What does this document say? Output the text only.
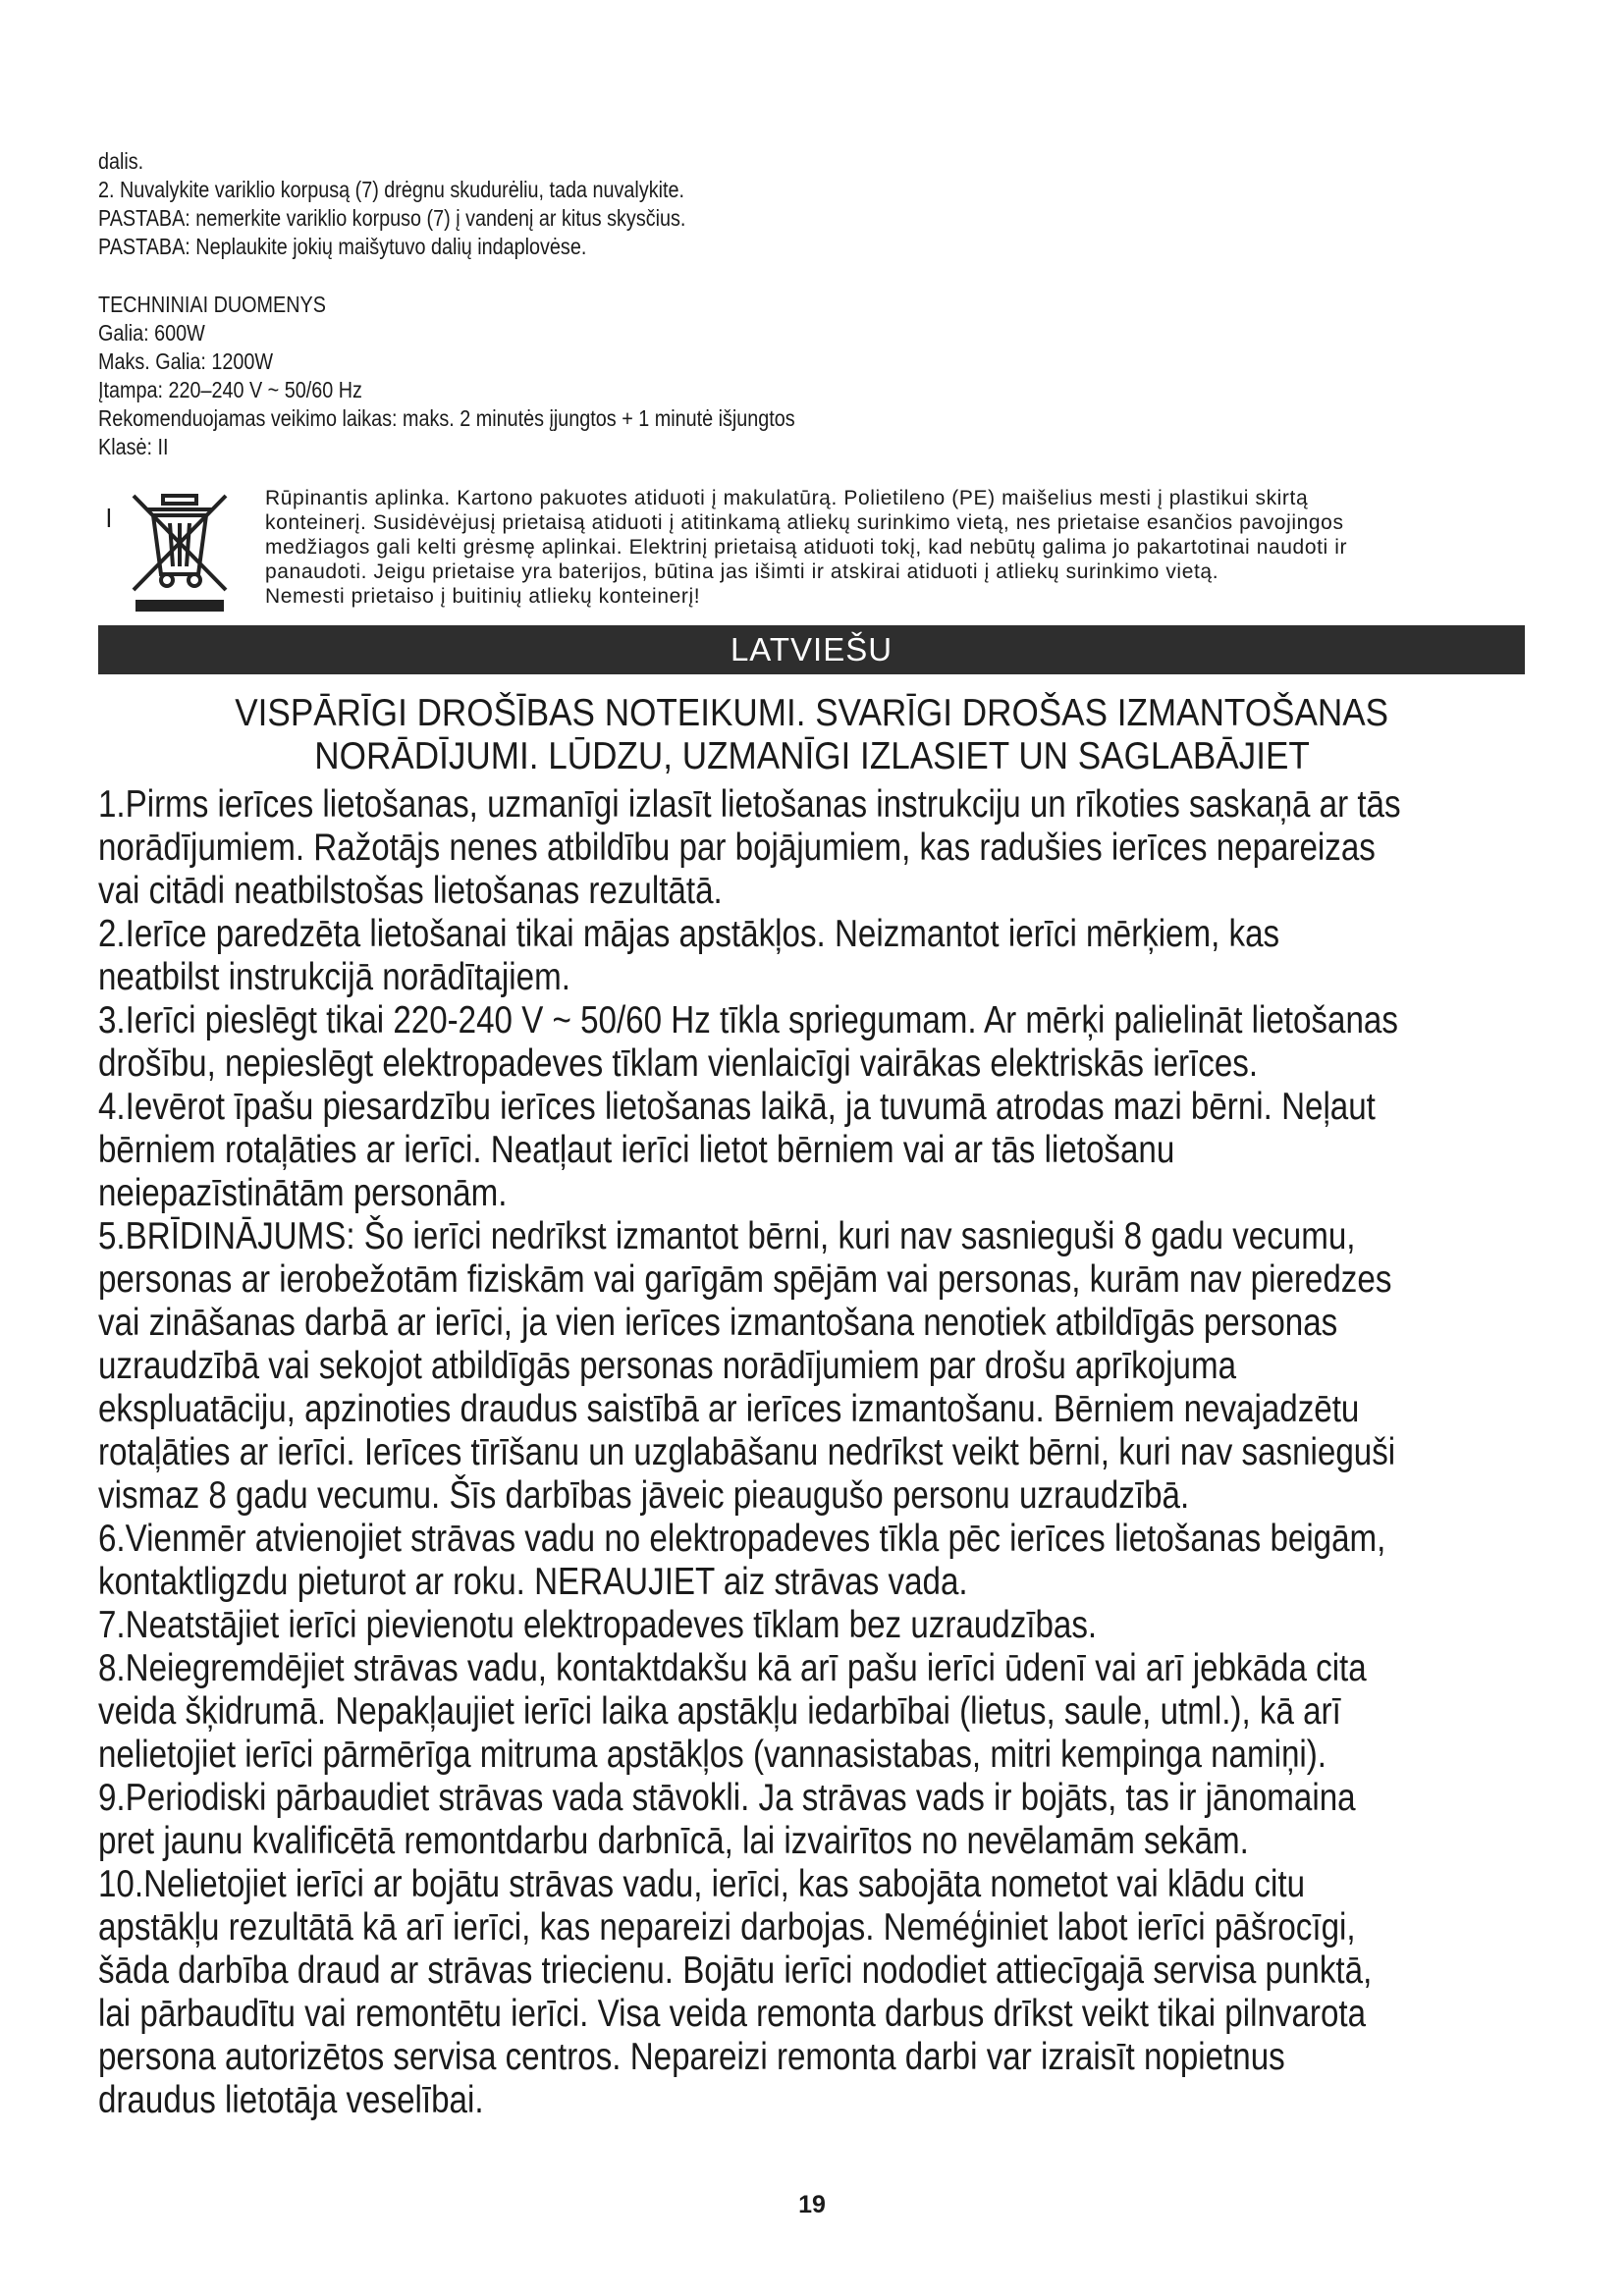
dalis.

2. Nuvalykite variklio korpusą (7) drėgnu skudurėliu, tada nuvalykite.

PASTABA: nemerkite variklio korpuso (7) į vandenį ar kitus skysčius.

PASTABA: Neplaukite jokių maišytuvo dalių indaplovėse.

TECHNINIAI DUOMENYS

Galia: 600W

Maks. Galia: 1200W

Įtampa: 220–240 V ~ 50/60 Hz

Rekomenduojamas veikimo laikas: maks. 2 minutės įjungtos + 1 minutė išjungtos

Klasė: II

l

Rūpinantis aplinka. Kartono pakuotes atiduoti į makulatūrą. Polietileno (PE) maišelius mesti į plastikui skirtą

konteinerį. Susidėvėjusį prietaisą atiduoti į atitinkamą atliekų surinkimo vietą, nes prietaise esančios pavojingos

medžiagos gali kelti grėsmę aplinkai. Elektrinį prietaisą atiduoti tokį, kad nebūtų galima jo pakartotinai naudoti ir

panaudoti. Jeigu prietaise yra baterijos, būtina jas išimti ir atskirai atiduoti į atliekų surinkimo vietą.

Nemesti prietaiso į buitinių atliekų konteinerį!

LATVIEŠU

VISPĀRĪGI DROŠĪBAS NOTEIKUMI. SVARĪGI DROŠAS IZMANTOŠANAS

NORĀDĪJUMI. LŪDZU, UZMANĪGI IZLASIET UN SAGLABĀJIET

1.Pirms ierīces lietošanas, uzmanīgi izlasīt lietošanas instrukciju un rīkoties saskaņā ar tās

norādījumiem. Ražotājs nenes atbildību par bojājumiem, kas radušies ierīces nepareizas

vai citādi neatbilstošas lietošanas rezultātā.

2.Ierīce paredzēta lietošanai tikai mājas apstākļos. Neizmantot ierīci mērķiem, kas

neatbilst instrukcijā norādītajiem.

3.Ierīci pieslēgt tikai 220-240 V ~ 50/60 Hz tīkla spriegumam. Ar mērķi palielināt lietošanas

drošību, nepieslēgt elektropadeves tīklam vienlaicīgi vairākas elektriskās ierīces.

4.Ievērot īpašu piesardzību ierīces lietošanas laikā, ja tuvumā atrodas mazi bērni. Neļaut

bērniem rotaļāties ar ierīci. Neatļaut ierīci lietot bērniem vai ar tās lietošanu

neiepazīstinātām personām.

5.BRĪDINĀJUMS: Šo ierīci nedrīkst izmantot bērni, kuri nav sasnieguši 8 gadu vecumu,

personas ar ierobežotām fiziskām vai garīgām spējām vai personas, kurām nav pieredzes

vai zināšanas darbā ar ierīci, ja vien ierīces izmantošana nenotiek atbildīgās personas

uzraudzībā vai sekojot atbildīgās personas norādījumiem par drošu aprīkojuma

ekspluatāciju, apzinoties draudus saistībā ar ierīces izmantošanu. Bērniem nevajadzētu

rotaļāties ar ierīci. Ierīces tīrīšanu un uzglabāšanu nedrīkst veikt bērni, kuri nav sasnieguši

vismaz 8 gadu vecumu. Šīs darbības jāveic pieaugušo personu uzraudzībā.

6.Vienmēr atvienojiet strāvas vadu no elektropadeves tīkla pēc ierīces lietošanas beigām,

kontaktligzdu pieturot ar roku. NERAUJIET aiz strāvas vada.

7.Neatstājiet ierīci pievienotu elektropadeves tīklam bez uzraudzības.

8.Neiegremdējiet strāvas vadu, kontaktdakšu kā arī pašu ierīci ūdenī vai arī jebkāda cita

veida šķidrumā. Nepakļaujiet ierīci laika apstākļu iedarbībai (lietus, saule, utml.), kā arī

nelietojiet ierīci pārmērīga mitruma apstākļos (vannasistabas, mitri kempinga namiņi).

9.Periodiski pārbaudiet strāvas vada stāvokli. Ja strāvas vads ir bojāts, tas ir jānomaina

pret jaunu kvalificētā remontdarbu darbnīcā, lai izvairītos no nevēlamām sekām.

10.Nelietojiet ierīci ar bojātu strāvas vadu, ierīci, kas sabojāta nometot vai klādu citu

apstākļu rezultātā kā arī ierīci, kas nepareizi darbojas. Neméģiniet labot ierīci pāšrocīgi,

šāda darbība draud ar strāvas triecienu. Bojātu ierīci nododiet attiecīgajā servisa punktā,

lai pārbaudītu vai remontētu ierīci. Visa veida remonta darbus drīkst veikt tikai pilnvarota

persona autorizētos servisa centros. Nepareizi remonta darbi var izraisīt nopietnus

draudus lietotāja veselībai.

19
